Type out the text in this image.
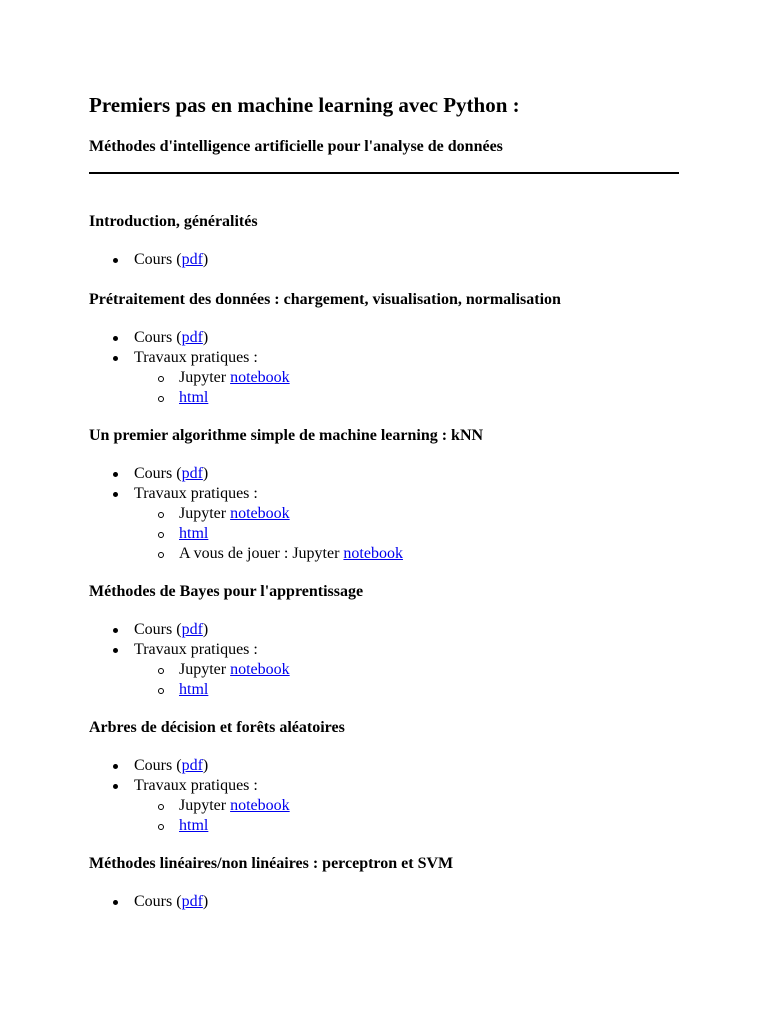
Premiers pas en machine learning avec Python :
Méthodes d'intelligence artificielle pour l'analyse de données
Introduction, généralités
Cours (pdf)
Prétraitement des données : chargement, visualisation, normalisation
Cours (pdf)
Travaux pratiques :
Jupyter notebook
html
Un premier algorithme simple de machine learning : kNN
Cours (pdf)
Travaux pratiques :
Jupyter notebook
html
A vous de jouer : Jupyter notebook
Méthodes de Bayes pour l'apprentissage
Cours (pdf)
Travaux pratiques :
Jupyter notebook
html
Arbres de décision et forêts aléatoires
Cours (pdf)
Travaux pratiques :
Jupyter notebook
html
Méthodes linéaires/non linéaires : perceptron et SVM
Cours (pdf)
